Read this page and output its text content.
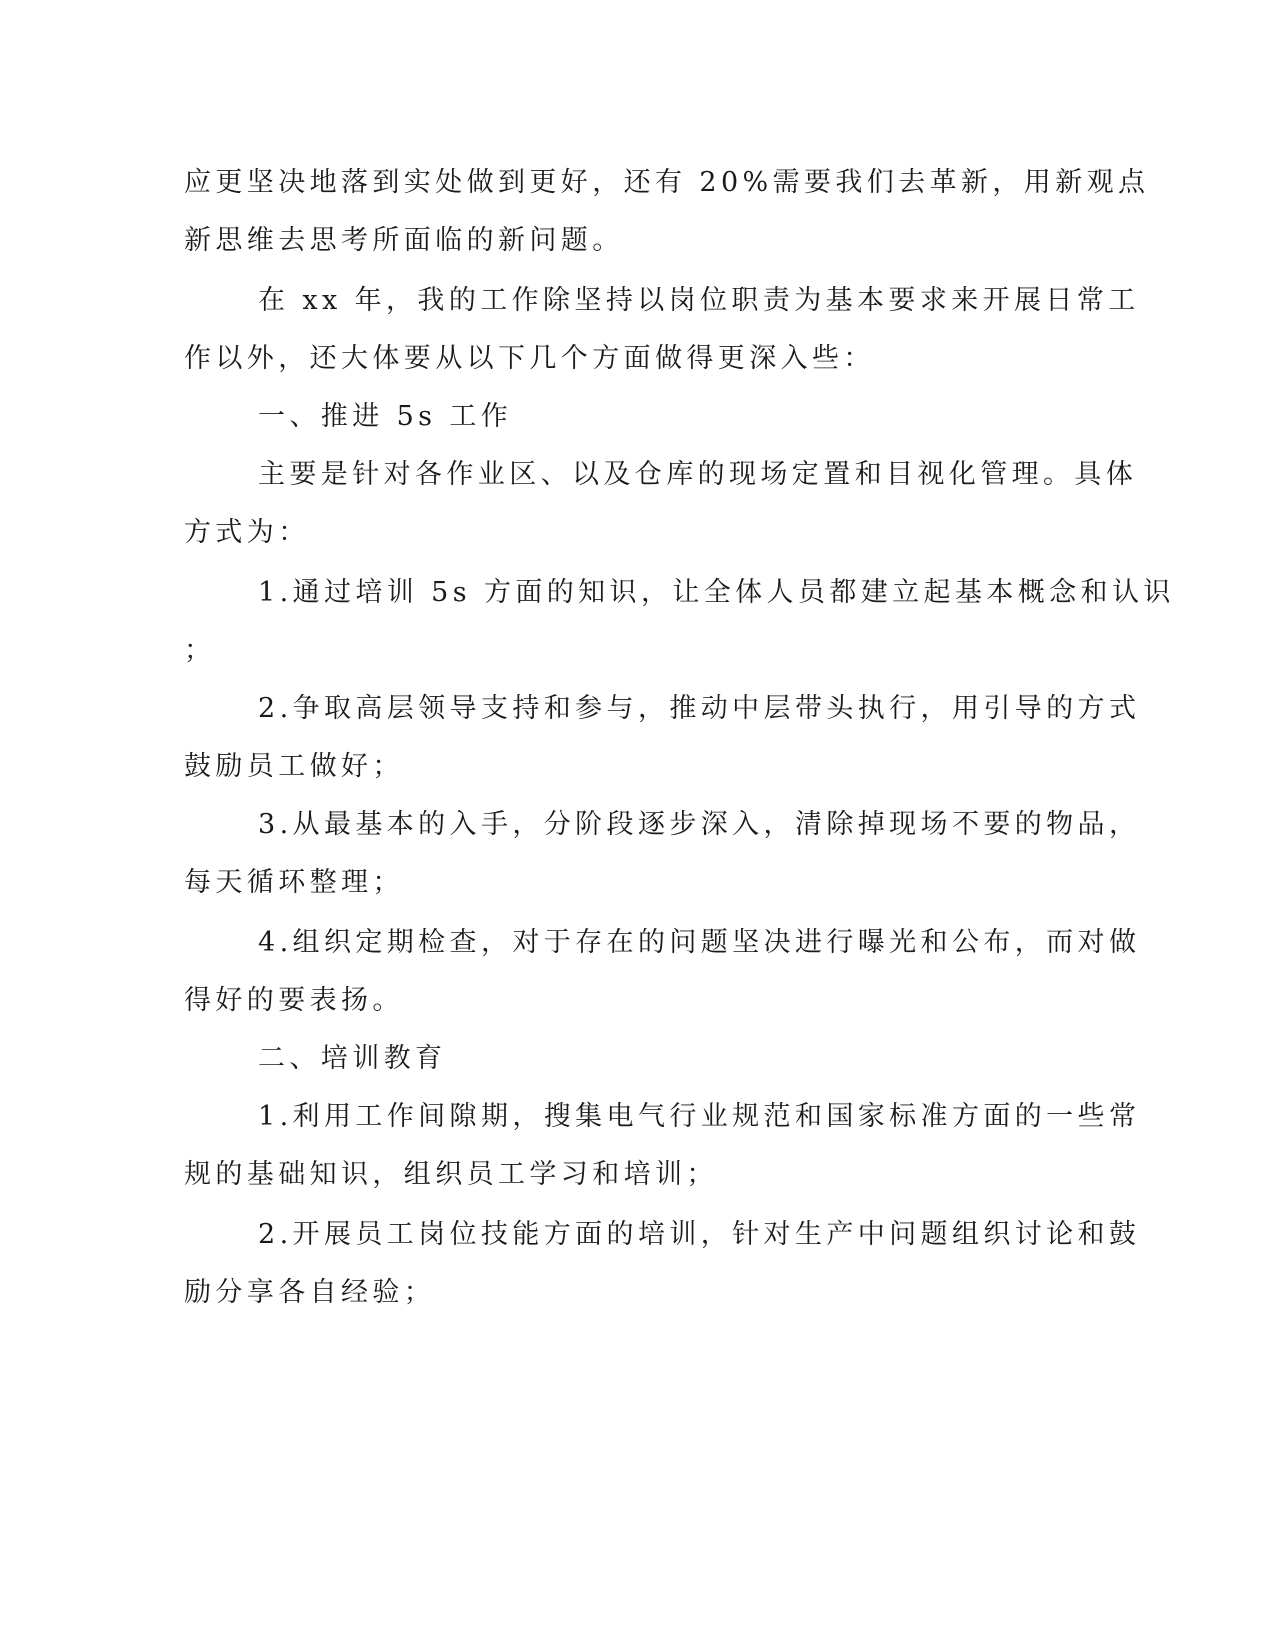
应更坚决地落到实处做到更好，还有 20%需要我们去革新，用新观点
新思维去思考所面临的新问题。
在 xx 年，我的工作除坚持以岗位职责为基本要求来开展日常工
作以外，还大体要从以下几个方面做得更深入些：
一、推进 5s 工作
主要是针对各作业区、以及仓库的现场定置和目视化管理。具体
方式为：
1.通过培训 5s 方面的知识，让全体人员都建立起基本概念和认识
；
2.争取高层领导支持和参与，推动中层带头执行，用引导的方式
鼓励员工做好；
3.从最基本的入手，分阶段逐步深入，清除掉现场不要的物品，
每天循环整理；
4.组织定期检查，对于存在的问题坚决进行曝光和公布，而对做
得好的要表扬。
二、培训教育
1.利用工作间隙期，搜集电气行业规范和国家标准方面的一些常
规的基础知识，组织员工学习和培训；
2.开展员工岗位技能方面的培训，针对生产中问题组织讨论和鼓
励分享各自经验；
